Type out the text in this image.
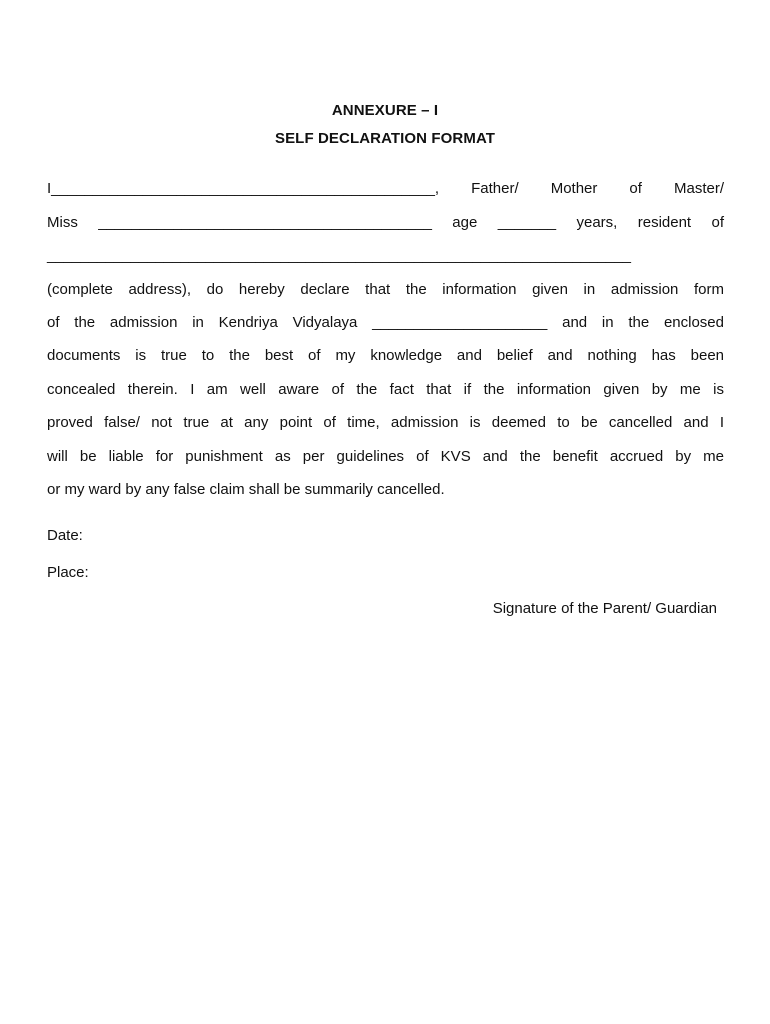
ANNEXURE – I
SELF DECLARATION FORMAT
I______________________________________________, Father/ Mother of Master/
Miss ________________________________________ age _______ years, resident of
______________________________________________________________________
(complete address), do hereby declare that the information given in admission form
of the admission in Kendriya Vidyalaya _____________________ and in the enclosed
documents is true to the best of my knowledge and belief and nothing has been
concealed therein. I am well aware of the fact that if the information given by me is
proved false/ not true at any point of time, admission is deemed to be cancelled and I
will be liable for punishment as per guidelines of KVS and the benefit accrued by me
or my ward by any false claim shall be summarily cancelled.
Date:
Place:
Signature of the Parent/ Guardian
